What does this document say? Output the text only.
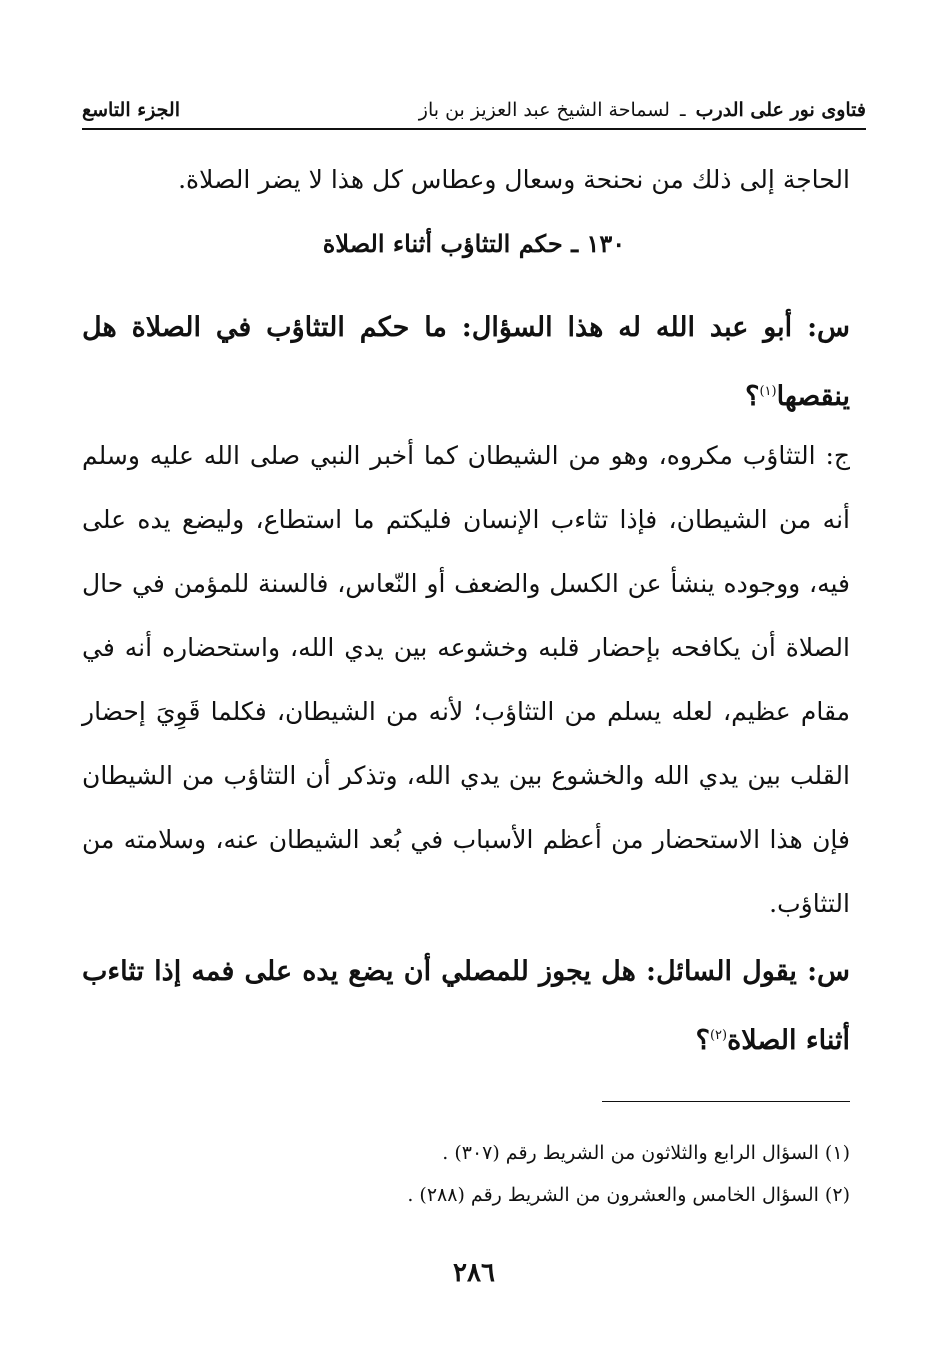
فتاوى نور على الدرب ـ لسماحة الشيخ عبد العزيز بن باز
الجزء التاسع
الحاجة إلى ذلك من نحنحة وسعال وعطاس كل هذا لا يضر الصلاة.
١٣٠ ـ حكم التثاؤب أثناء الصلاة
س: أبو عبد الله له هذا السؤال: ما حكم التثاؤب في الصلاة هل ينقصها$^{(١)}$؟
ج: التثاؤب مكروه، وهو من الشيطان كما أخبر النبي صلى الله عليه وسلم أنه من الشيطان، فإذا تثاءب الإنسان فليكتم ما استطاع، وليضع يده على فيه، ووجوده ينشأ عن الكسل والضعف أو النّعاس، فالسنة للمؤمن في حال الصلاة أن يكافحه بإحضار قلبه وخشوعه بين يدي الله، واستحضاره أنه في مقام عظيم، لعله يسلم من التثاؤب؛ لأنه من الشيطان، فكلما قَوِيَ إحضار القلب بين يدي الله والخشوع بين يدي الله، وتذكر أن التثاؤب من الشيطان فإن هذا الاستحضار من أعظم الأسباب في بُعد الشيطان عنه، وسلامته من التثاؤب.
س: يقول السائل: هل يجوز للمصلي أن يضع يده على فمه إذا تثاءب أثناء الصلاة$^{(٢)}$؟
(١) السؤال الرابع والثلاثون من الشريط رقم (٣٠٧) .
(٢) السؤال الخامس والعشرون من الشريط رقم (٢٨٨) .
٢٨٦
